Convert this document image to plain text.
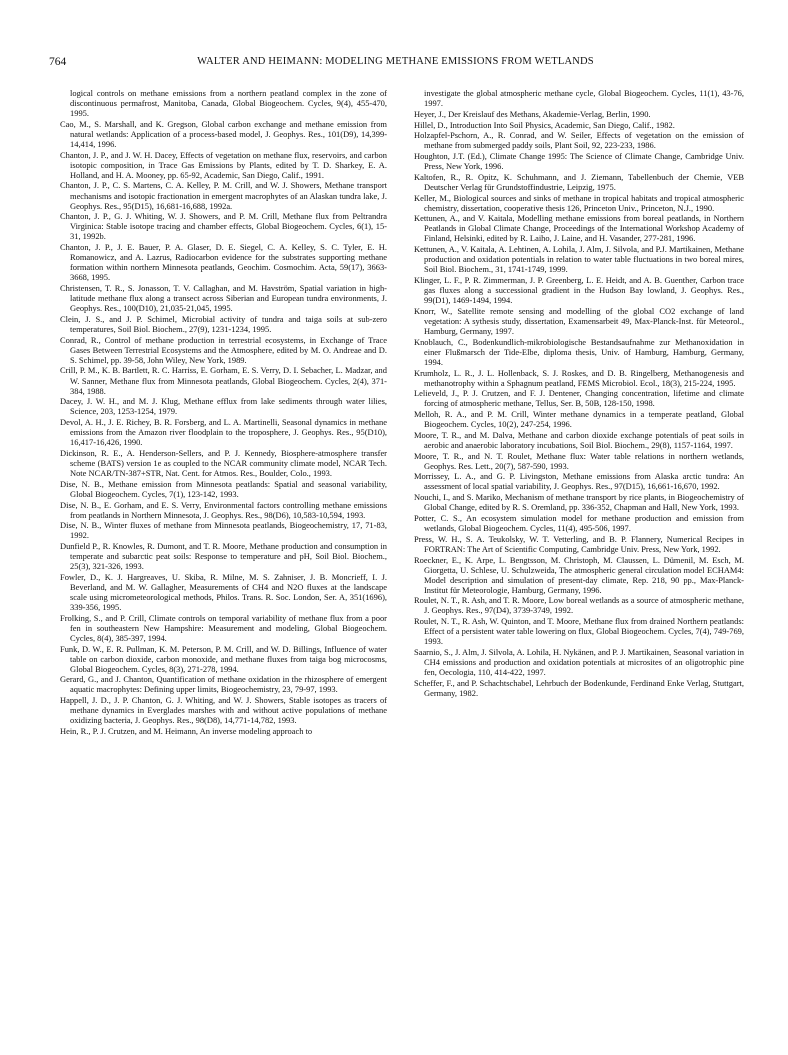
764	WALTER AND HEIMANN: MODELING METHANE EMISSIONS FROM WETLANDS

logical controls on methane emissions from a northern peatland complex in the zone of discontinuous permafrost, Manitoba, Canada, Global Biogeochem. Cycles, 9(4), 455-470, 1995.

Cao, M., S. Marshall, and K. Gregson, Global carbon exchange and methane emission from natural wetlands: Application of a process-based model, J. Geophys. Res., 101(D9), 14,399-14,414, 1996.

Chanton, J. P., and J. W. H. Dacey, Effects of vegetation on methane flux, reservoirs, and carbon isotopic composition, in Trace Gas Emissions by Plants, edited by T. D. Sharkey, E. A. Holland, and H. A. Mooney, pp. 65-92, Academic, San Diego, Calif., 1991.

Chanton, J. P., C. S. Martens, C. A. Kelley, P. M. Crill, and W. J. Showers, Methane transport mechanisms and isotopic fractionation in emergent macrophytes of an Alaskan tundra lake, J. Geophys. Res., 95(D15), 16,681-16,688, 1992a.

Chanton, J. P., G. J. Whiting, W. J. Showers, and P. M. Crill, Methane flux from Peltrandra Virginica: Stable isotope tracing and chamber effects, Global Biogeochem. Cycles, 6(1), 15-31, 1992b.

Chanton, J. P., J. E. Bauer, P. A. Glaser, D. E. Siegel, C. A. Kelley, S. C. Tyler, E. H. Romanowicz, and A. Lazrus, Radiocarbon evidence for the substrates supporting methane formation within northern Minnesota peatlands, Geochim. Cosmochim. Acta, 59(17), 3663-3668, 1995.

Christensen, T. R., S. Jonasson, T. V. Callaghan, and M. Havström, Spatial variation in high-latitude methane flux along a transect across Siberian and European tundra environments, J. Geophys. Res., 100(D10), 21,035-21,045, 1995.

Clein, J. S., and J. P. Schimel, Microbial activity of tundra and taiga soils at sub-zero temperatures, Soil Biol. Biochem., 27(9), 1231-1234, 1995.

Conrad, R., Control of methane production in terrestrial ecosystems, in Exchange of Trace Gases Between Terrestrial Ecosystems and the Atmosphere, edited by M. O. Andreae and D. S. Schimel, pp. 39-58, John Wiley, New York, 1989.

Crill, P. M., K. B. Bartlett, R. C. Harriss, E. Gorham, E. S. Verry, D. I. Sebacher, L. Madzar, and W. Sanner, Methane flux from Minnesota peatlands, Global Biogeochem. Cycles, 2(4), 371-384, 1988.

Dacey, J. W. H., and M. J. Klug, Methane efflux from lake sediments through water lilies, Science, 203, 1253-1254, 1979.

Devol, A. H., J. E. Richey, B. R. Forsberg, and L. A. Martinelli, Seasonal dynamics in methane emissions from the Amazon river floodplain to the troposphere, J. Geophys. Res., 95(D10), 16,417-16,426, 1990.

Dickinson, R. E., A. Henderson-Sellers, and P. J. Kennedy, Biosphere-atmosphere transfer scheme (BATS) version 1e as coupled to the NCAR community climate model, NCAR Tech. Note NCAR/TN-387+STR, Nat. Cent. for Atmos. Res., Boulder, Colo., 1993.

Dise, N. B., Methane emission from Minnesota peatlands: Spatial and seasonal variability, Global Biogeochem. Cycles, 7(1), 123-142, 1993.

Dise, N. B., E. Gorham, and E. S. Verry, Environmental factors controlling methane emissions from peatlands in Northern Minnesota, J. Geophys. Res., 98(D6), 10,583-10,594, 1993.

Dise, N. B., Winter fluxes of methane from Minnesota peatlands, Biogeochemistry, 17, 71-83, 1992.

Dunfield P., R. Knowles, R. Dumont, and T. R. Moore, Methane production and consumption in temperate and subarctic peat soils: Response to temperature and pH, Soil Biol. Biochem., 25(3), 321-326, 1993.

Fowler, D., K. J. Hargreaves, U. Skiba, R. Milne, M. S. Zahniser, J. B. Moncrieff, I. J. Beverland, and M. W. Gallagher, Measurements of CH4 and N2O fluxes at the landscape scale using micrometeorological methods, Philos. Trans. R. Soc. London, Ser. A, 351(1696), 339-356, 1995.

Frolking, S., and P. Crill, Climate controls on temporal variability of methane flux from a poor fen in southeastern New Hampshire: Measurement and modeling, Global Biogeochem. Cycles, 8(4), 385-397, 1994.

Funk, D. W., E. R. Pullman, K. M. Peterson, P. M. Crill, and W. D. Billings, Influence of water table on carbon dioxide, carbon monoxide, and methane fluxes from taiga bog microcosms, Global Biogeochem. Cycles, 8(3), 271-278, 1994.

Gerard, G., and J. Chanton, Quantification of methane oxidation in the rhizosphere of emergent aquatic macrophytes: Defining upper limits, Biogeochemistry, 23, 79-97, 1993.

Happell, J. D., J. P. Chanton, G. J. Whiting, and W. J. Showers, Stable isotopes as tracers of methane dynamics in Everglades marshes with and without active populations of methane oxidizing bacteria, J. Geophys. Res., 98(D8), 14,771-14,782, 1993.

Hein, R., P. J. Crutzen, and M. Heimann, An inverse modeling approach to

investigate the global atmospheric methane cycle, Global Biogeochem. Cycles, 11(1), 43-76, 1997.

Heyer, J., Der Kreislauf des Methans, Akademie-Verlag, Berlin, 1990.

Hillel, D., Introduction Into Soil Physics, Academic, San Diego, Calif., 1982.

Holzapfel-Pschorn, A., R. Conrad, and W. Seiler, Effects of vegetation on the emission of methane from submerged paddy soils, Plant Soil, 92, 223-233, 1986.

Houghton, J.T. (Ed.), Climate Change 1995: The Science of Climate Change, Cambridge Univ. Press, New York, 1996.

Kaltofen, R., R. Opitz, K. Schuhmann, and J. Ziemann, Tabellenbuch der Chemie, VEB Deutscher Verlag für Grundstoffindustrie, Leipzig, 1975.

Keller, M., Biological sources and sinks of methane in tropical habitats and tropical atmospheric chemistry, dissertation, cooperative thesis 126, Princeton Univ., Princeton, N.J., 1990.

Kettunen, A., and V. Kaitala, Modelling methane emissions from boreal peatlands, in Northern Peatlands in Global Climate Change, Proceedings of the International Workshop Academy of Finland, Helsinki, edited by R. Laiho, J. Laine, and H. Vasander, 277-281, 1996.

Kettunen, A., V. Kaitala, A. Lehtinen, A. Lohila, J. Alm, J. Silvola, and P.J. Martikainen, Methane production and oxidation potentials in relation to water table fluctuations in two boreal mires, Soil Biol. Biochem., 31, 1741-1749, 1999.

Klinger, L. F., P. R. Zimmerman, J. P. Greenberg, L. E. Heidt, and A. B. Guenther, Carbon trace gas fluxes along a successional gradient in the Hudson Bay lowland, J. Geophys. Res., 99(D1), 1469-1494, 1994.

Knorr, W., Satellite remote sensing and modelling of the global CO2 exchange of land vegetation: A sythesis study, dissertation, Examensarbeit 49, Max-Planck-Inst. für Meteorol., Hamburg, Germany, 1997.

Knoblauch, C., Bodenkundlich-mikrobiologische Bestandsaufnahme zur Methanoxidation in einer Flußmarsch der Tide-Elbe, diploma thesis, Univ. of Hamburg, Hamburg, Germany, 1994.

Krumholz, L. R., J. L. Hollenback, S. J. Roskes, and D. B. Ringelberg, Methanogenesis and methanotrophy within a Sphagnum peatland, FEMS Microbiol. Ecol., 18(3), 215-224, 1995.

Lelieveld, J., P. J. Crutzen, and F. J. Dentener, Changing concentration, lifetime and climate forcing of atmospheric methane, Tellus, Ser. B, 50B, 128-150, 1998.

Melloh, R. A., and P. M. Crill, Winter methane dynamics in a temperate peatland, Global Biogeochem. Cycles, 10(2), 247-254, 1996.

Moore, T. R., and M. Dalva, Methane and carbon dioxide exchange potentials of peat soils in aerobic and anaerobic laboratory incubations, Soil Biol. Biochem., 29(8), 1157-1164, 1997.

Moore, T. R., and N. T. Roulet, Methane flux: Water table relations in northern wetlands, Geophys. Res. Lett., 20(7), 587-590, 1993.

Morrissey, L. A., and G. P. Livingston, Methane emissions from Alaska arctic tundra: An assessment of local spatial variability, J. Geophys. Res., 97(D15), 16,661-16,670, 1992.

Nouchi, I., and S. Mariko, Mechanism of methane transport by rice plants, in Biogeochemistry of Global Change, edited by R. S. Oremland, pp. 336-352, Chapman and Hall, New York, 1993.

Potter, C. S., An ecosystem simulation model for methane production and emission from wetlands, Global Biogeochem. Cycles, 11(4), 495-506, 1997.

Press, W. H., S. A. Teukolsky, W. T. Vetterling, and B. P. Flannery, Numerical Recipes in FORTRAN: The Art of Scientific Computing, Cambridge Univ. Press, New York, 1992.

Roeckner, E., K. Arpe, L. Bengtsson, M. Christoph, M. Claussen, L. Dümenil, M. Esch, M. Giorgetta, U. Schlese, U. Schulzweida, The atmospheric general circulation model ECHAM4: Model description and simulation of present-day climate, Rep. 218, 90 pp., Max-Planck-Institut für Meteorologie, Hamburg, Germany, 1996.

Roulet, N. T., R. Ash, and T. R. Moore, Low boreal wetlands as a source of atmospheric methane, J. Geophys. Res., 97(D4), 3739-3749, 1992.

Roulet, N. T., R. Ash, W. Quinton, and T. Moore, Methane flux from drained Northern peatlands: Effect of a persistent water table lowering on flux, Global Biogeochem. Cycles, 7(4), 749-769, 1993.

Saarnio, S., J. Alm, J. Silvola, A. Lohila, H. Nykänen, and P. J. Martikainen, Seasonal variation in CH4 emissions and production and oxidation potentials at microsites of an oligotrophic pine fen, Oecologia, 110, 414-422, 1997.

Scheffer, F., and P. Schachtschabel, Lehrbuch der Bodenkunde, Ferdinand Enke Verlag, Stuttgart, Germany, 1982.
